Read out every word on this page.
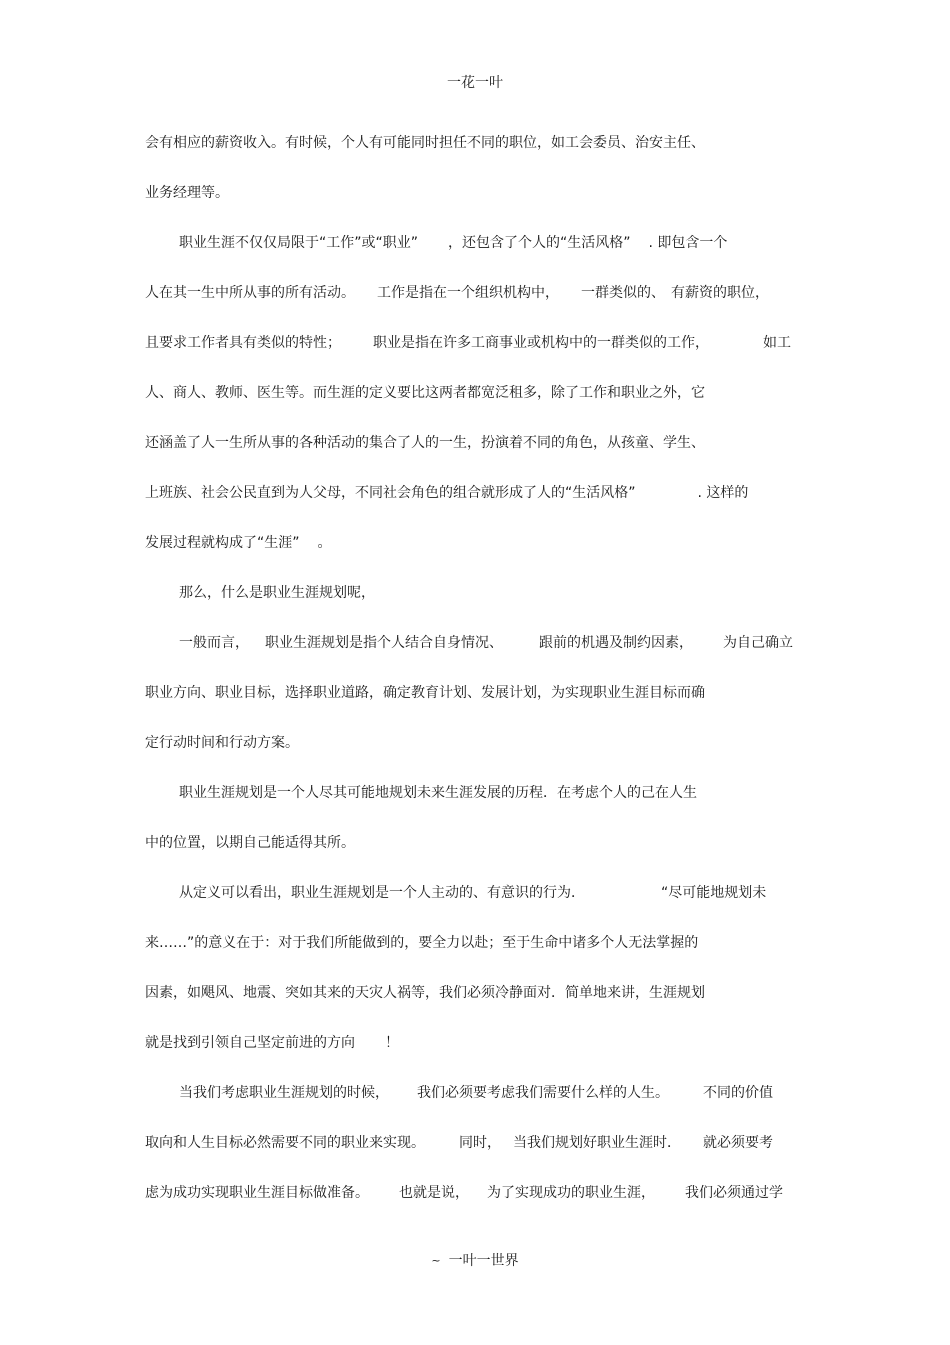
一花一叶
会有相应的薪资收入。有时候，个人有可能同时担任不同的职位，如工会委员、治安主任、
业务经理等。
职业生涯不仅仅局限于“工作”或“职业” ，还包含了个人的“生活风格” . 即包含一个
人在其一生中所从事的所有活动。 工作是指在一个组织机构中， 一群类似的、 有薪资的职位，
且要求工作者具有类似的特性； 职业是指在许多工商事业或机构中的一群类似的工作，	如工
人、商人、教师、医生等。而生涯的定义要比这两者都宽泛租多，除了工作和职业之外，它
还涵盖了人一生所从事的各种活动的集合了人的一生，扮演着不同的角色，从孩童、学生、
上班族、社会公民直到为人父母，不同社会角色的组合就形成了人的“生活风格”	. 这样的
发展过程就构成了“生涯” 。
那么，什么是职业生涯规划呢，
一般而言， 职业生涯规划是指个人结合自身情况、	跟前的机遇及制约因素， 为自己确立
职业方向、职业目标，选择职业道路，确定教育计划、发展计划，为实现职业生涯目标而确
定行动时间和行动方案。
职业生涯规划是一个人尽其可能地规划未来生涯发展的历程．在考虑个人的己在人生
中的位置，以期自己能适得其所。
从定义可以看出，职业生涯规划是一个人主动的、有意识的行为．	“尽可能地规划未
来……”的意义在于：对于我们所能做到的，要全力以赴；至于生命中诸多个人无法掌握的
因素，如飓风、地震、突如其来的天灾人祸等，我们必须冷静面对．简单地来讲，生涯规划
就是找到引领自己坚定前进的方向 ！
当我们考虑职业生涯规划的时候， 我们必须要考虑我们需要什么样的人生。 不同的价值
取向和人生目标必然需要不同的职业来实现。 同时， 当我们规划好职业生涯时． 就必须要考
虑为成功实现职业生涯目标做准备。 也就是说， 为了实现成功的职业生涯， 我们必须通过学
~ 一叶一世界
